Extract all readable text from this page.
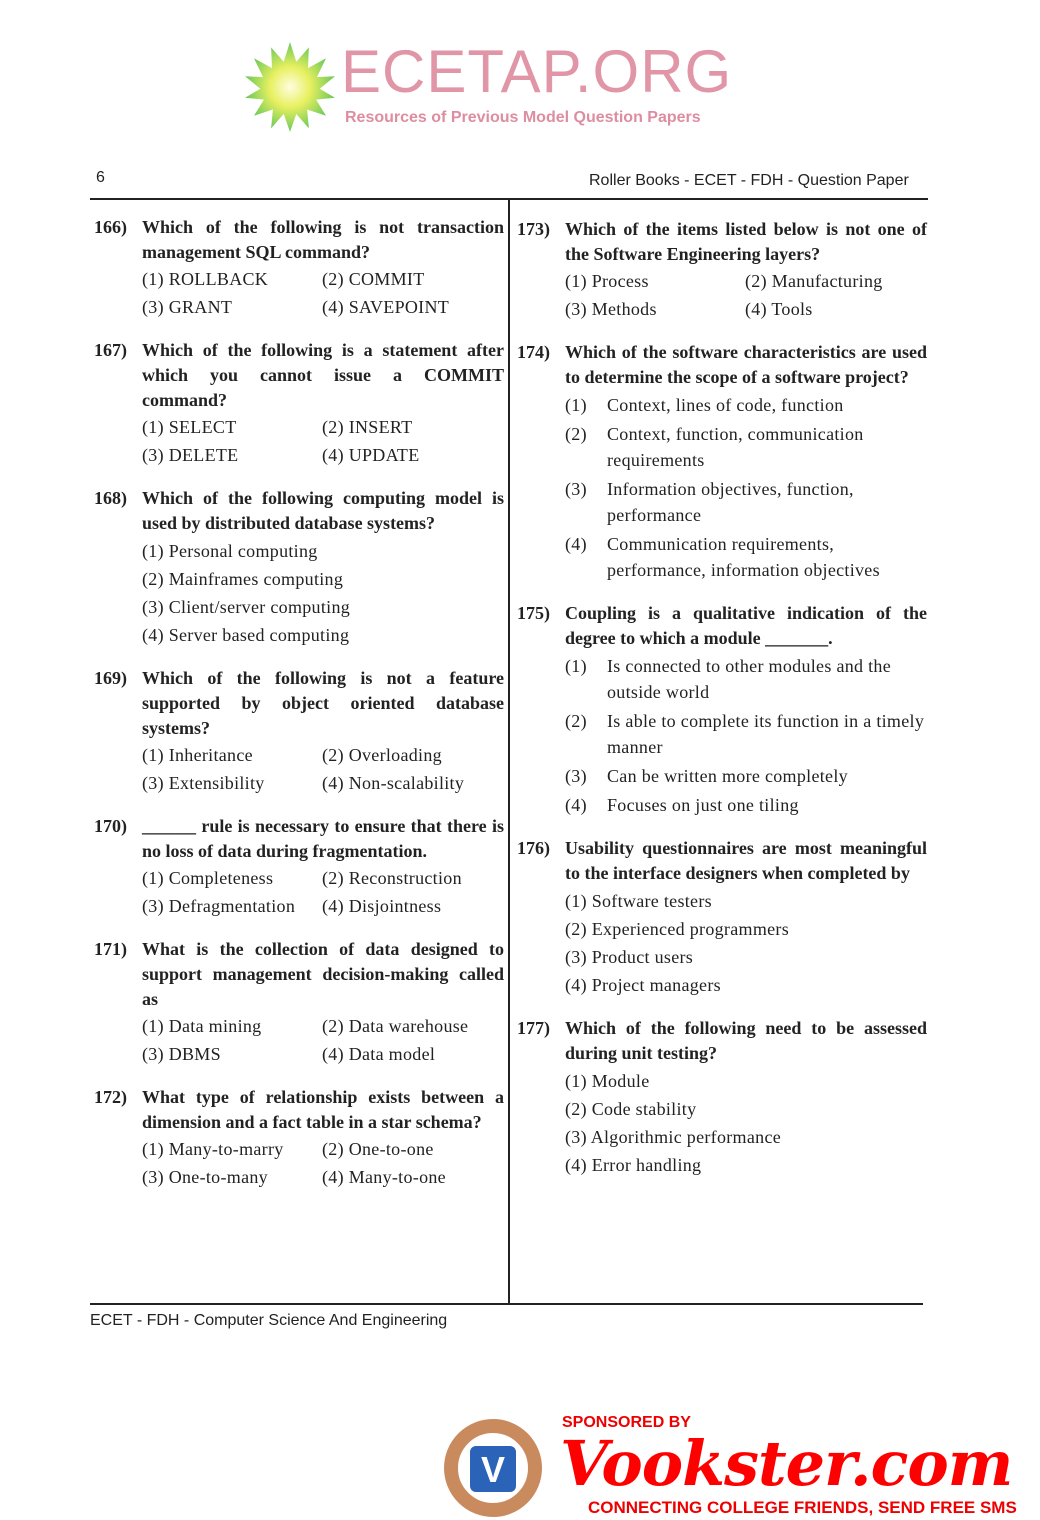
6	Roller Books - ECET - FDH - Question Paper
ECET - FDH - Computer Science And Engineering
166) Which of the following is not transaction management SQL command?
(1) ROLLBACK	(2) COMMIT
(3) GRANT	(4) SAVEPOINT
167) Which of the following is a statement after which you cannot issue a COMMIT command?
(1) SELECT	(2) INSERT
(3) DELETE	(4) UPDATE
168) Which of the following computing model is used by distributed database systems?
(1) Personal computing
(2) Mainframes computing
(3) Client/server computing
(4) Server based computing
169) Which of the following is not a feature supported by object oriented database systems?
(1) Inheritance	(2) Overloading
(3) Extensibility	(4) Non-scalability
170) ______ rule is necessary to ensure that there is no loss of data during fragmentation.
(1) Completeness	(2) Reconstruction
(3) Defragmentation	(4) Disjointness
171) What is the collection of data designed to support management decision-making called as
(1) Data mining	(2) Data warehouse
(3) DBMS	(4) Data model
172) What type of relationship exists between a dimension and a fact table in a star schema?
(1) Many-to-marry	(2) One-to-one
(3) One-to-many	(4) Many-to-one
173) Which of the items listed below is not one of the Software Engineering layers?
(1) Process	(2) Manufacturing
(3) Methods	(4) Tools
174) Which of the software characteristics are used to determine the scope of a software project?
(1)	Context, lines of code, function
(2)	Context, function, communication requirements
(3)	Information objectives, function, performance
(4)	Communication requirements, performance, information objectives
175) Coupling is a qualitative indication of the degree to which a module _______.
(1)	Is connected to other modules and the outside world
(2)	Is able to complete its function in a timely manner
(3)	Can be written more completely
(4)	Focuses on just one tiling
176) Usability questionnaires are most meaningful to the interface designers when completed by
(1) Software testers
(2) Experienced programmers
(3) Product users
(4) Project managers
177) Which of the following need to be assessed during unit testing?
(1) Module
(2) Code stability
(3) Algorithmic performance
(4) Error handling
ECETAP.ORG
Resources of Previous Model Question Papers
V
SPONSORED BY
Vookster.com
CONNECTING COLLEGE FRIENDS, SEND FREE SMS
